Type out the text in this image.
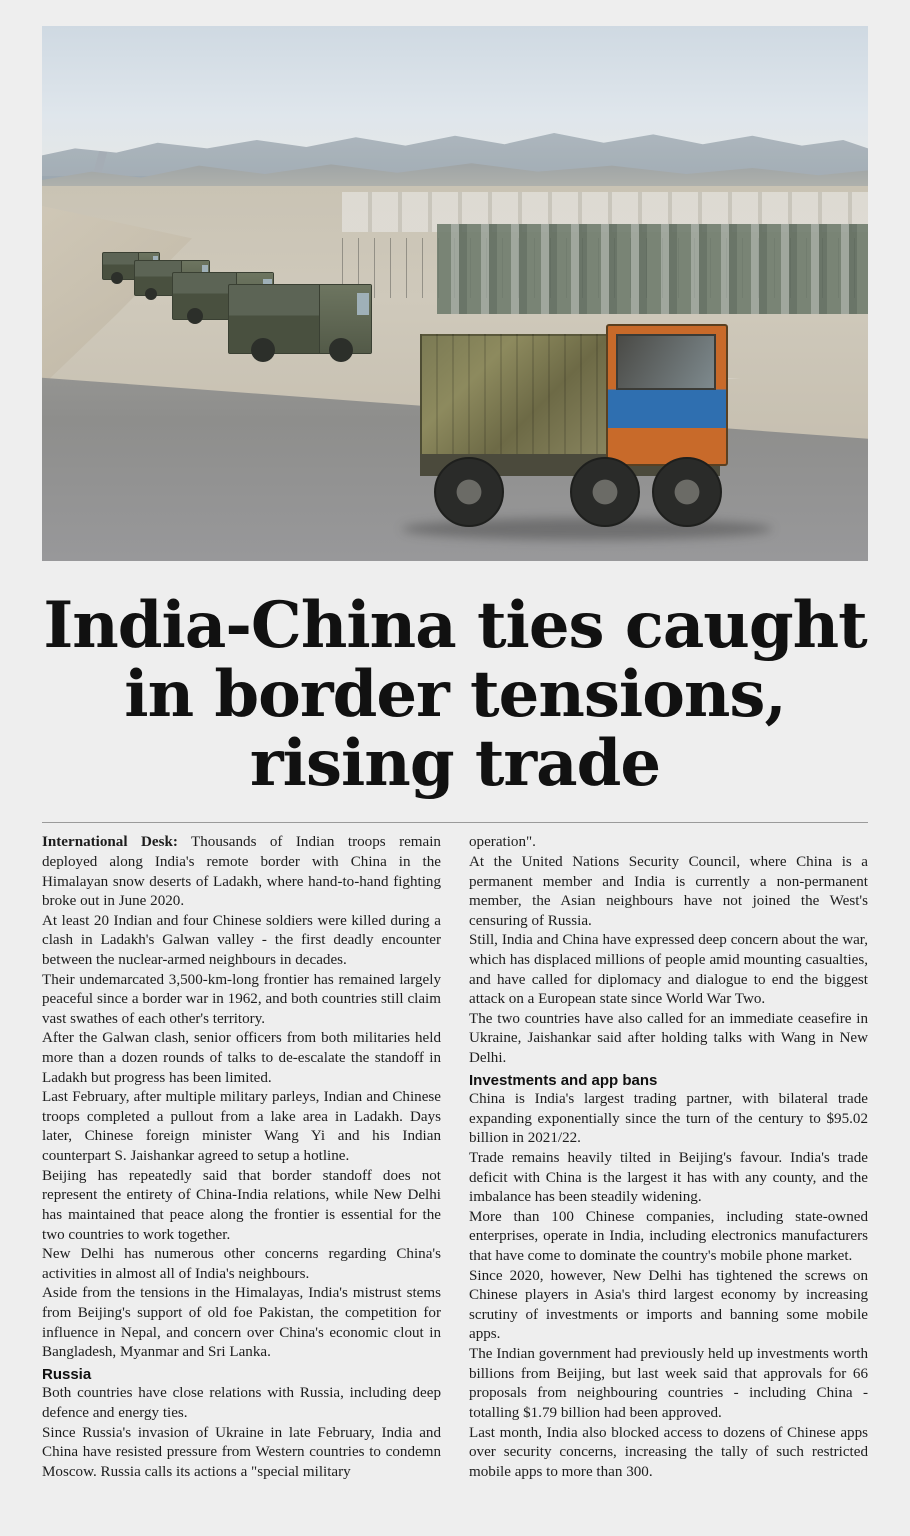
India-China ties caught in border tensions, rising trade

International Desk: Thousands of Indian troops remain deployed along India's remote border with China in the Himalayan snow deserts of Ladakh, where hand-to-hand fighting broke out in June 2020.

At least 20 Indian and four Chinese soldiers were killed during a clash in Ladakh's Galwan valley - the first deadly encounter between the nuclear-armed neighbours in decades.

Their undemarcated 3,500-km-long frontier has remained largely peaceful since a border war in 1962, and both countries still claim vast swathes of each other's territory.

After the Galwan clash, senior officers from both militaries held more than a dozen rounds of talks to de-escalate the standoff in Ladakh but progress has been limited.

Last February, after multiple military parleys, Indian and Chinese troops completed a pullout from a lake area in Ladakh. Days later, Chinese foreign minister Wang Yi and his Indian counterpart S. Jaishankar agreed to setup a hotline.

Beijing has repeatedly said that border standoff does not represent the entirety of China-India relations, while New Delhi has maintained that peace along the frontier is essential for the two countries to work together.

New Delhi has numerous other concerns regarding China's activities in almost all of India's neighbours.

Aside from the tensions in the Himalayas, India's mistrust stems from Beijing's support of old foe Pakistan, the competition for influence in Nepal, and concern over China's economic clout in Bangladesh, Myanmar and Sri Lanka.

Russia

Both countries have close relations with Russia, including deep defence and energy ties.

Since Russia's invasion of Ukraine in late February, India and China have resisted pressure from Western countries to condemn Moscow. Russia calls its actions a "special military

operation".

At the United Nations Security Council, where China is a permanent member and India is currently a non-permanent member, the Asian neighbours have not joined the West's censuring of Russia.

Still, India and China have expressed deep concern about the war, which has displaced millions of people amid mounting casualties, and have called for diplomacy and dialogue to end the biggest attack on a European state since World War Two.

The two countries have also called for an immediate ceasefire in Ukraine, Jaishankar said after holding talks with Wang in New Delhi.

Investments and app bans

China is India's largest trading partner, with bilateral trade expanding exponentially since the turn of the century to $95.02 billion in 2021/22.

Trade remains heavily tilted in Beijing's favour. India's trade deficit with China is the largest it has with any county, and the imbalance has been steadily widening.

More than 100 Chinese companies, including state-owned enterprises, operate in India, including electronics manufacturers that have come to dominate the country's mobile phone market.

Since 2020, however, New Delhi has tightened the screws on Chinese players in Asia's third largest economy by increasing scrutiny of investments or imports and banning some mobile apps.

The Indian government had previously held up investments worth billions from Beijing, but last week said that approvals for 66 proposals from neighbouring countries - including China - totalling $1.79 billion had been approved.

Last month, India also blocked access to dozens of Chinese apps over security concerns, increasing the tally of such restricted mobile apps to more than 300.
